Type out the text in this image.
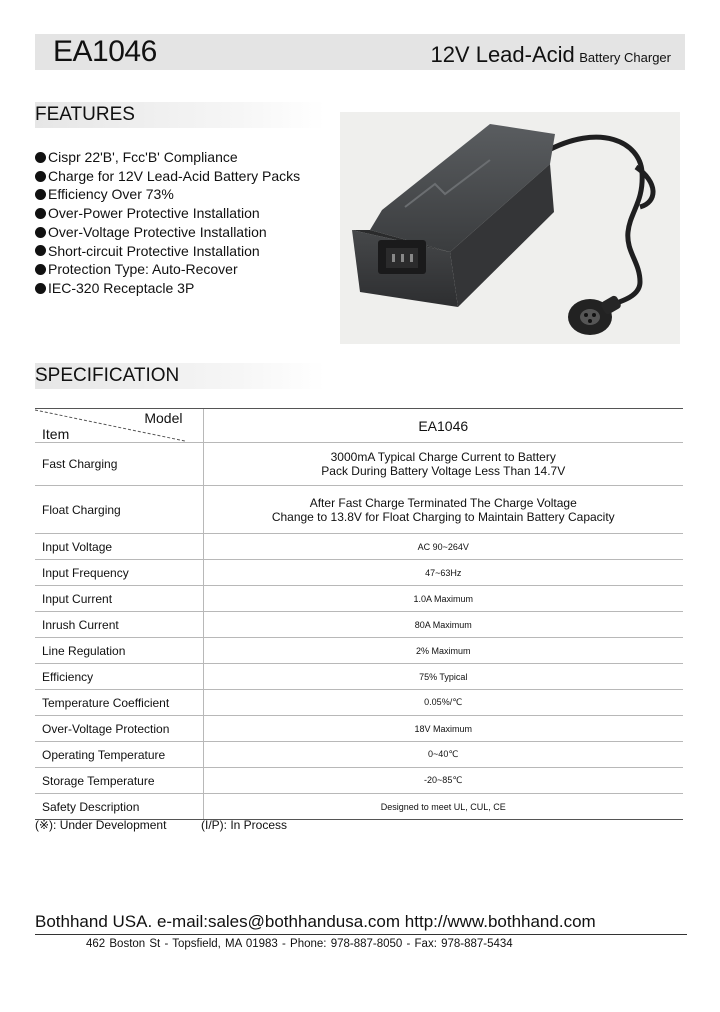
EA1046	12V Lead-Acid Battery Charger
FEATURES
Cispr 22'B', Fcc'B' Compliance
Charge for 12V Lead-Acid Battery Packs
Efficiency Over 73%
Over-Power Protective Installation
Over-Voltage Protective Installation
Short-circuit Protective Installation
Protection Type: Auto-Recover
IEC-320 Receptacle 3P
SPECIFICATION
Model
Item	EA1046
Fast Charging	3000mA Typical Charge Current to Battery
Pack During Battery Voltage Less Than 14.7V

Float Charging	After Fast Charge Terminated The Charge Voltage
Change to 13.8V for Float Charging to Maintain Battery Capacity

Input Voltage	AC 90~264V
Input Frequency	47~63Hz
Input Current	1.0A Maximum
Inrush Current	80A Maximum
Line Regulation	2% Maximum
Efficiency	75% Typical
Temperature Coefficient	0.05%/℃
Over-Voltage Protection	18V Maximum
Operating Temperature	0~40℃
Storage Temperature	-20~85℃
Safety Description	Designed to meet UL, CUL, CE
(※): Under Development	(I/P): In Process
Bothhand USA. e-mail:sales@bothhandusa.com http://www.bothhand.com
462 Boston St - Topsfield, MA 01983 - Phone: 978-887-8050 - Fax: 978-887-5434
